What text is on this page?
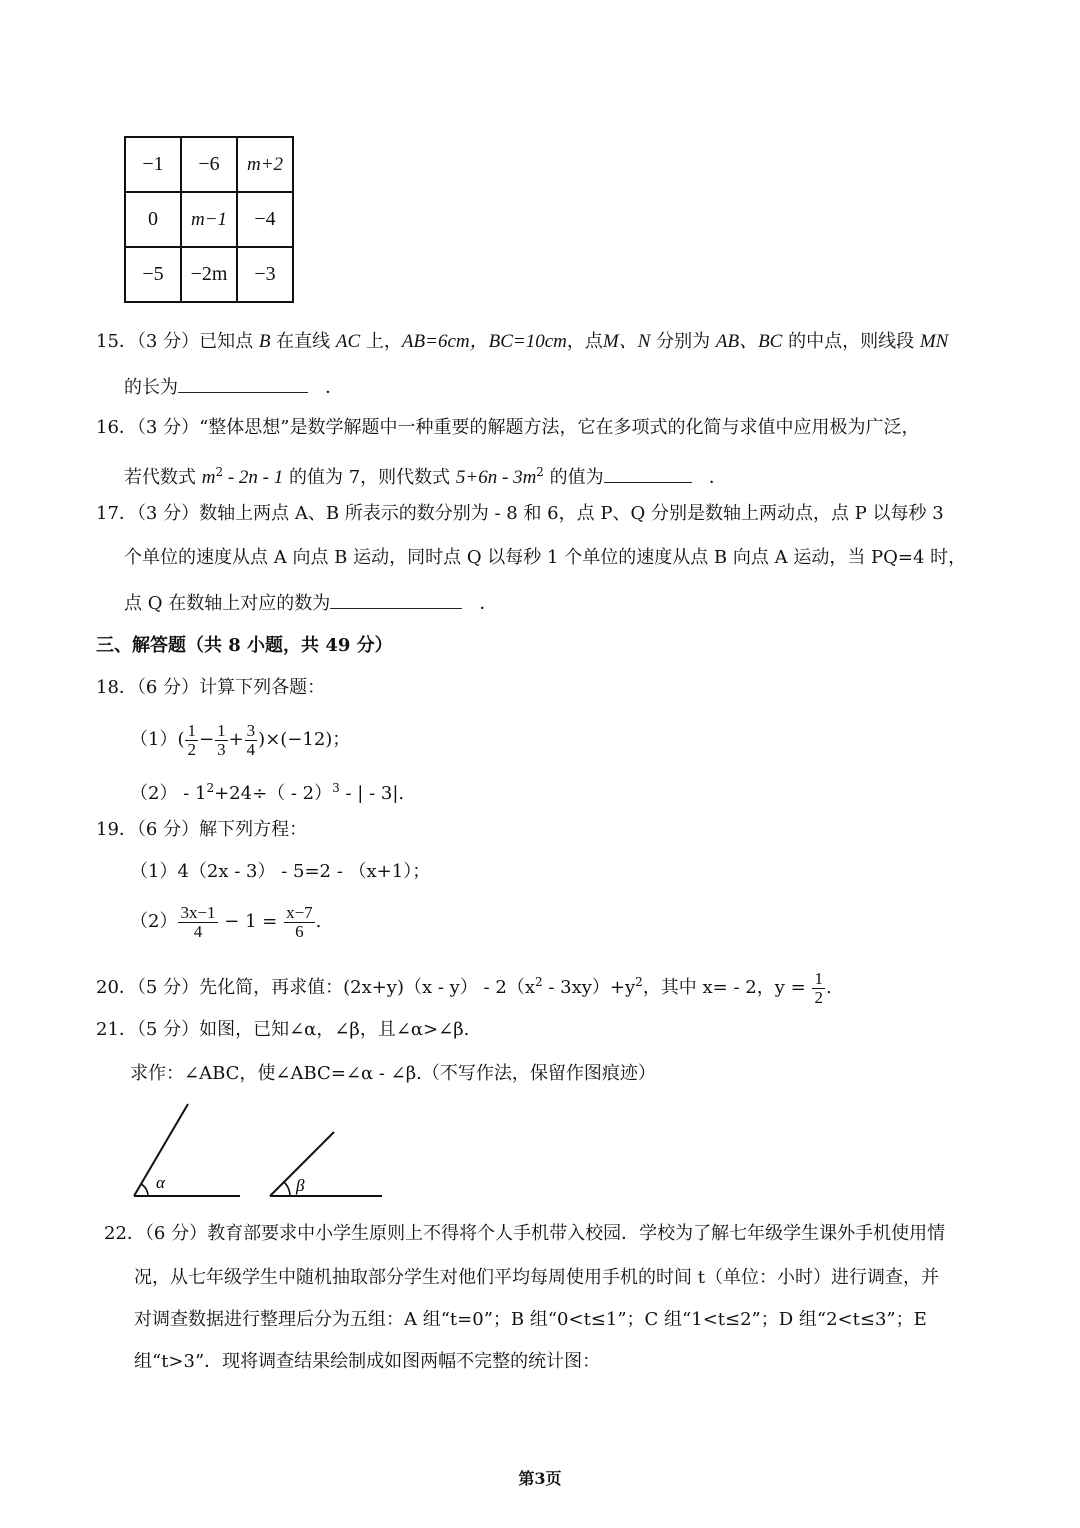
−1	−6	m+2
0	m−1	−4
−5	−2m	−3
15．（3 分）已知点 B 在直线 AC 上，AB=6cm，BC=10cm，点M、N 分别为 AB、BC 的中点，则线段 MN
的长为	．
16．（3 分）“整体思想”是数学解题中一种重要的解题方法，它在多项式的化简与求值中应用极为广泛，
若代数式 $m^2 - 2n - 1$ 的值为 7，则代数式 $5+6n - 3m^2$ 的值为	．
17．（3 分）数轴上两点 A、B 所表示的数分别为 - 8 和 6，点 P、Q 分别是数轴上两动点，点 P 以每秒 3
个单位的速度从点 A 向点 B 运动，同时点 Q 以每秒 1 个单位的速度从点 B 向点 A 运动，当 PQ=4 时，
点 Q 在数轴上对应的数为	．
三、解答题（共 8 小题，共 49 分）
18．（6 分）计算下列各题：
$(1)( \frac{1}{2} - \frac{1}{3} + \frac{3}{4} )\times(-12)$；
$(2) - 1^2+24\div( - 2)^3$ - | - 3|.
19．（6 分）解下列方程：
（1）4（2x - 3） - 5=2 - （x+1）；
$(2) \frac{3x-1}{4} - 1 = \frac{x-7}{6}$ .
20．（5 分）先化简，再求值：$(2x+y)(x - y) - 2(x^2 - 3xy)+y^2$，其中 x= - 2，$y = \frac{1}{2}$ .
21．（5 分）如图，已知∠α，∠β，且∠α>∠β.
求作：∠ABC，使∠ABC=∠α - ∠β.（不写作法，保留作图痕迹）
α	β
22．（6 分）教育部要求中小学生原则上不得将个人手机带入校园．学校为了解七年级学生课外手机使用情
况，从七年级学生中随机抽取部分学生对他们平均每周使用手机的时间 t（单位：小时）进行调查，并
对调查数据进行整理后分为五组：A 组“t=0”；B 组“0<t≤1”；C 组“1<t≤2”；D 组“2<t≤3”；E
组“t>3”．现将调查结果绘制成如图两幅不完整的统计图：
第3页
